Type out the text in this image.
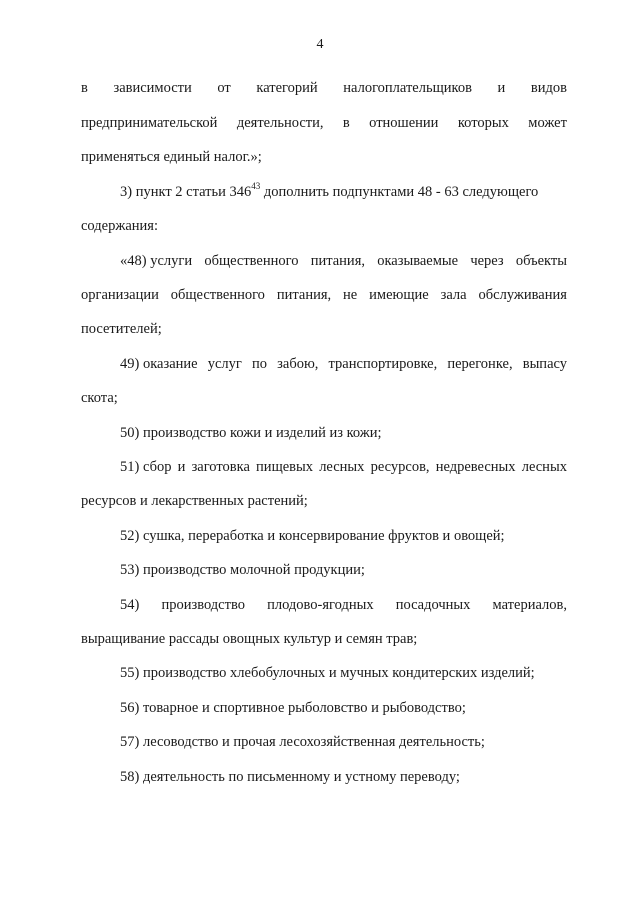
4
в зависимости от категорий налогоплательщиков и видов
предпринимательской деятельности, в отношении которых может
применяться единый налог.»;
3) пункт 2 статьи $346^{43}$ дополнить подпунктами 48 - 63 следующего
содержания:
«48) услуги общественного питания, оказываемые через объекты
организации общественного питания, не имеющие зала обслуживания
посетителей;
49) оказание услуг по забою, транспортировке, перегонке, выпасу
скота;
50) производство кожи и изделий из кожи;
51) сбор и заготовка пищевых лесных ресурсов, недревесных лесных
ресурсов и лекарственных растений;
52) сушка, переработка и консервирование фруктов и овощей;
53) производство молочной продукции;
54) производство плодово-ягодных посадочных материалов,
выращивание рассады овощных культур и семян трав;
55) производство хлебобулочных и мучных кондитерских изделий;
56) товарное и спортивное рыболовство и рыбоводство;
57) лесоводство и прочая лесохозяйственная деятельность;
58) деятельность по письменному и устному переводу;
